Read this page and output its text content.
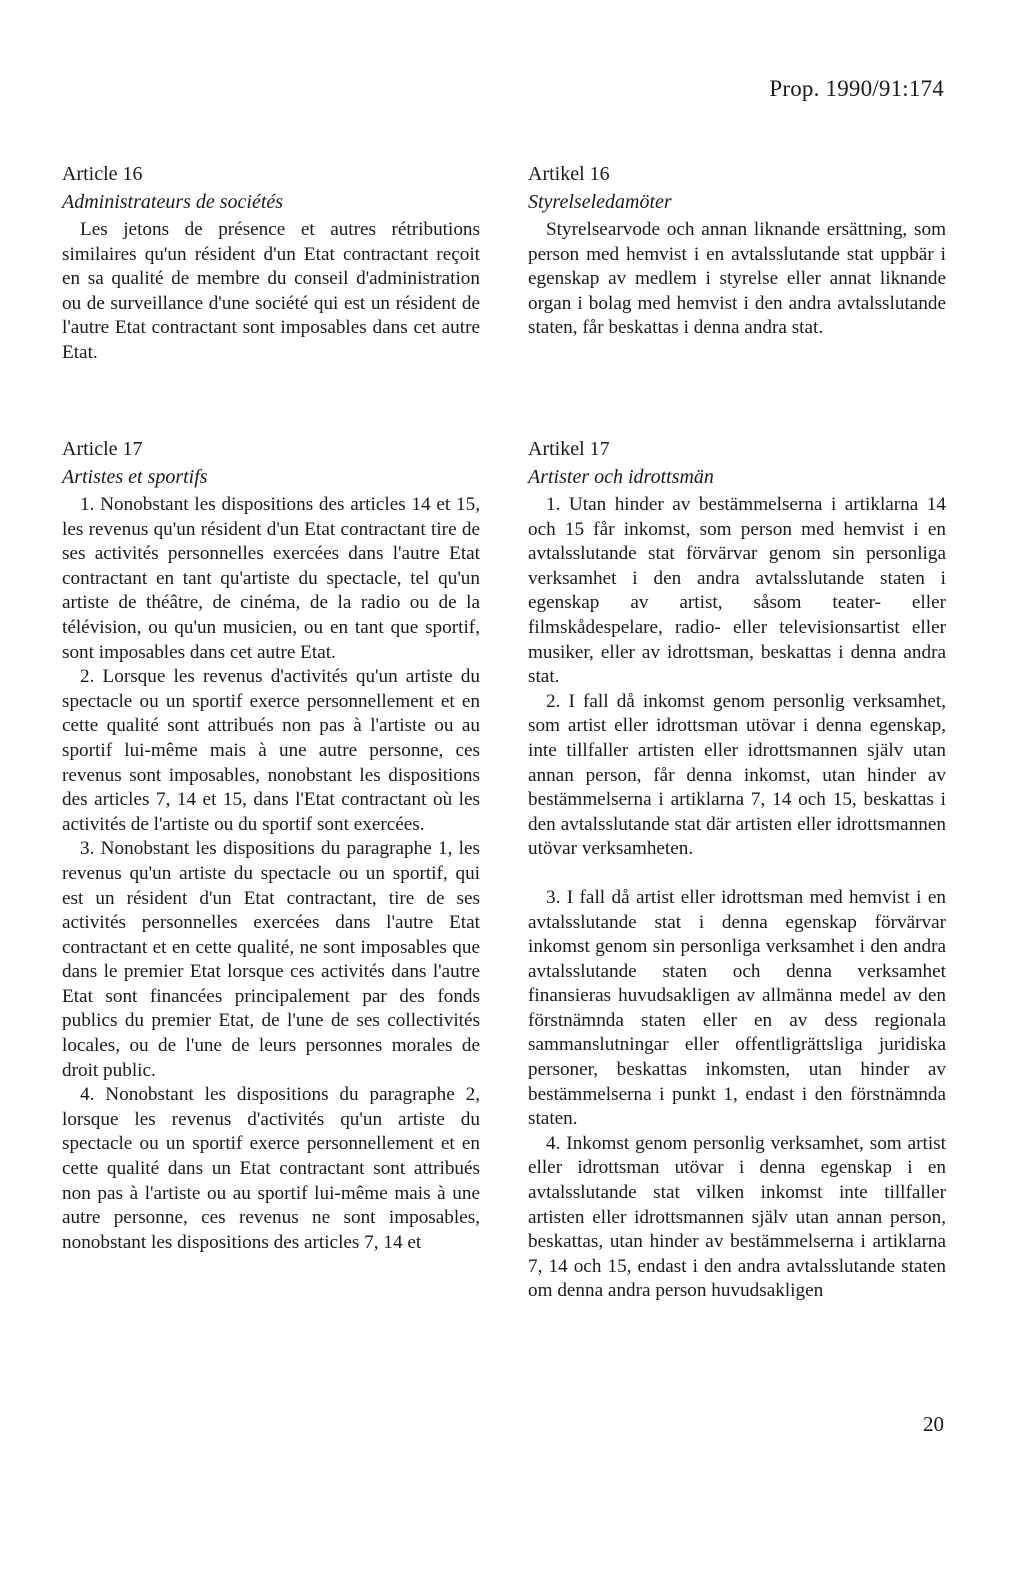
Prop. 1990/91:174

Article 16

Administrateurs de sociétés

Les jetons de présence et autres rétributions similaires qu'un résident d'un Etat contractant reçoit en sa qualité de membre du conseil d'administration ou de surveillance d'une société qui est un résident de l'autre Etat contractant sont imposables dans cet autre Etat.

Article 17

Artistes et sportifs

1. Nonobstant les dispositions des articles 14 et 15, les revenus qu'un résident d'un Etat contractant tire de ses activités personnelles exercées dans l'autre Etat contractant en tant qu'artiste du spectacle, tel qu'un artiste de théâtre, de cinéma, de la radio ou de la télévision, ou qu'un musicien, ou en tant que sportif, sont imposables dans cet autre Etat.

2. Lorsque les revenus d'activités qu'un artiste du spectacle ou un sportif exerce personnellement et en cette qualité sont attribués non pas à l'artiste ou au sportif lui-même mais à une autre personne, ces revenus sont imposables, nonobstant les dispositions des articles 7, 14 et 15, dans l'Etat contractant où les activités de l'artiste ou du sportif sont exercées.

3. Nonobstant les dispositions du paragraphe 1, les revenus qu'un artiste du spectacle ou un sportif, qui est un résident d'un Etat contractant, tire de ses activités personnelles exercées dans l'autre Etat contractant et en cette qualité, ne sont imposables que dans le premier Etat lorsque ces activités dans l'autre Etat sont financées principalement par des fonds publics du premier Etat, de l'une de ses collectivités locales, ou de l'une de leurs personnes morales de droit public.

4. Nonobstant les dispositions du paragraphe 2, lorsque les revenus d'activités qu'un artiste du spectacle ou un sportif exerce personnellement et en cette qualité dans un Etat contractant sont attribués non pas à l'artiste ou au sportif lui-même mais à une autre personne, ces revenus ne sont imposables, nonobstant les dispositions des articles 7, 14 et

Artikel 16

Styrelseledamöter

Styrelsearvode och annan liknande ersättning, som person med hemvist i en avtalsslutande stat uppbär i egenskap av medlem i styrelse eller annat liknande organ i bolag med hemvist i den andra avtalsslutande staten, får beskattas i denna andra stat.

Artikel 17

Artister och idrottsmän

1. Utan hinder av bestämmelserna i artiklarna 14 och 15 får inkomst, som person med hemvist i en avtalsslutande stat förvärvar genom sin personliga verksamhet i den andra avtalsslutande staten i egenskap av artist, såsom teater- eller filmskådespelare, radio- eller televisionsartist eller musiker, eller av idrottsman, beskattas i denna andra stat.

2. I fall då inkomst genom personlig verksamhet, som artist eller idrottsman utövar i denna egenskap, inte tillfaller artisten eller idrottsmannen själv utan annan person, får denna inkomst, utan hinder av bestämmelserna i artiklarna 7, 14 och 15, beskattas i den avtalsslutande stat där artisten eller idrottsmannen utövar verksamheten.

3. I fall då artist eller idrottsman med hemvist i en avtalsslutande stat i denna egenskap förvärvar inkomst genom sin personliga verksamhet i den andra avtalsslutande staten och denna verksamhet finansieras huvudsakligen av allmänna medel av den förstnämnda staten eller en av dess regionala sammanslutningar eller offentligrättsliga juridiska personer, beskattas inkomsten, utan hinder av bestämmelserna i punkt 1, endast i den förstnämnda staten.

4. Inkomst genom personlig verksamhet, som artist eller idrottsman utövar i denna egenskap i en avtalsslutande stat vilken inkomst inte tillfaller artisten eller idrottsmannen själv utan annan person, beskattas, utan hinder av bestämmelserna i artiklarna 7, 14 och 15, endast i den andra avtalsslutande staten om denna andra person huvudsakligen

20
